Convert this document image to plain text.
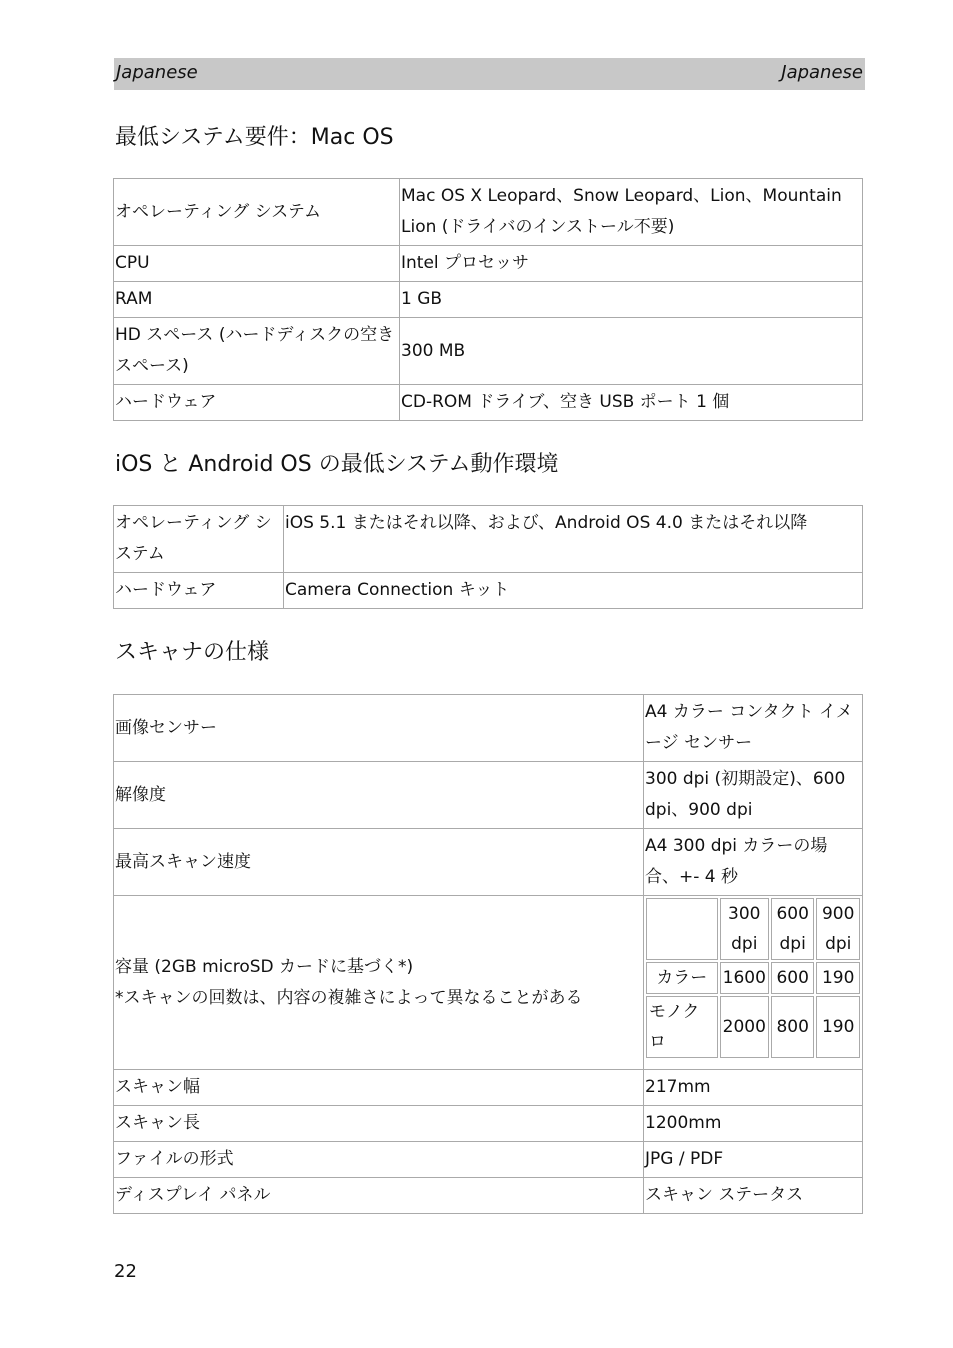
Japanese	Japanese
最低システム要件：Mac OS
オペレーティング システム	Mac OS X Leopard、Snow Leopard、Lion、Mountain Lion (ドライバのインストール不要)
CPU	Intel プロセッサ
RAM	1 GB
HD スペース (ハードディスクの空きスペース)	300 MB
ハードウェア	CD-ROM ドライブ、空き USB ポート 1 個
iOS と Android OS の最低システム動作環境
オペレーティング システム	iOS 5.1 またはそれ以降、および、Android OS 4.0 またはそれ以降
ハードウェア	Camera Connection キット
スキャナの仕様
画像センサー	A4 カラー コンタクト イメージ センサー
解像度	300 dpi (初期設定)、600 dpi、900 dpi
最高スキャン速度	A4 300 dpi カラーの場合、+- 4 秒

容量 (2GB microSD カードに基づく*)
*スキャンの回数は、内容の複雑さによって異なることがある

	300 dpi	600 dpi	900 dpi
カラー	1600	600	190
モノクロ	2000	800	190

スキャン幅	217mm
スキャン長	1200mm
ファイルの形式	JPG / PDF
ディスプレイ パネル	スキャン ステータス
22
